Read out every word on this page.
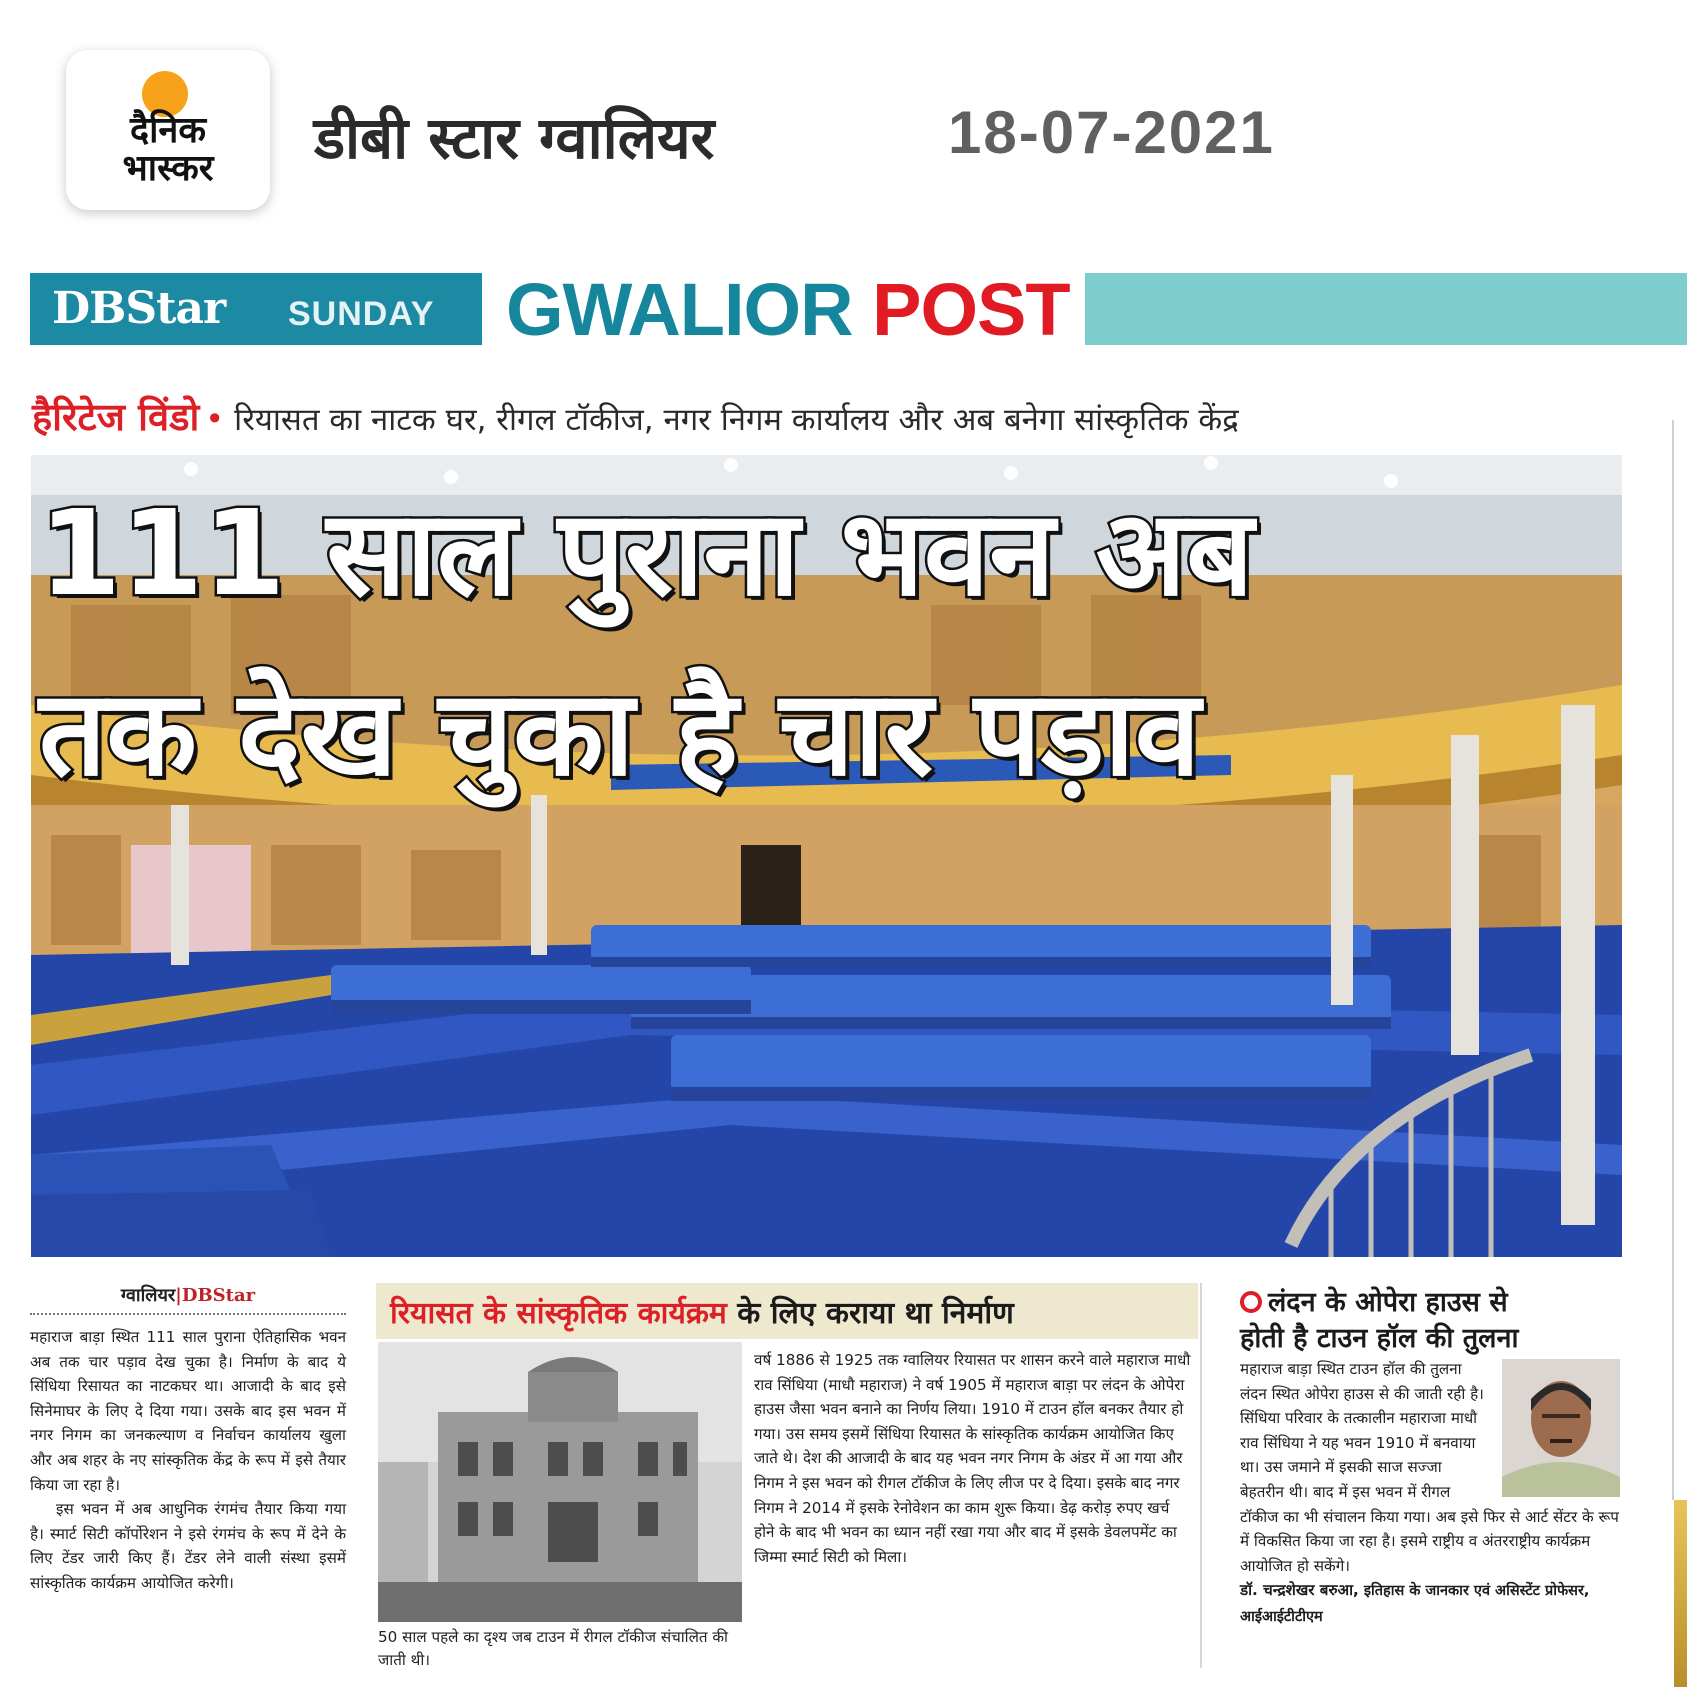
दैनिक
भास्कर	डीबी स्टार ग्वालियर	18-07-2021
DBStar SUNDAY GWALIOR POST
हैरिटेज विंडो • रियासत का नाटक घर, रीगल टॉकीज, नगर निगम कार्यालय और अब बनेगा सांस्कृतिक केंद्र
111 साल पुराना भवन अब
तक देख चुका है चार पड़ाव
ग्वालियर|DBStar

महाराज बाड़ा स्थित 111 साल पुराना ऐतिहासिक भवन अब तक चार पड़ाव देख चुका है। निर्माण के बाद ये सिंधिया रिसायत का नाटकघर था। आजादी के बाद इसे सिनेमाघर के लिए दे दिया गया। उसके बाद इस भवन में नगर निगम का जनकल्याण व निर्वाचन कार्यालय खुला और अब शहर के नए सांस्कृतिक केंद्र के रूप में इसे तैयार किया जा रहा है।

इस भवन में अब आधुनिक रंगमंच तैयार किया गया है। स्मार्ट सिटी कॉर्पोरेशन ने इसे रंगमंच के रूप में देने के लिए टेंडर जारी किए हैं। टेंडर लेने वाली संस्था इसमें सांस्कृतिक कार्यक्रम आयोजित करेगी।

रियासत के सांस्कृतिक कार्यक्रम के लिए कराया था निर्माण
50 साल पहले का दृश्य जब टाउन में रीगल टॉकीज संचालित की जाती थी।
वर्ष 1886 से 1925 तक ग्वालियर रियासत पर शासन करने वाले महाराज माधौ राव सिंधिया (माधौ महाराज) ने वर्ष 1905 में महाराज बाड़ा पर लंदन के ओपेरा हाउस जैसा भवन बनाने का निर्णय लिया। 1910 में टाउन हॉल बनकर तैयार हो गया। उस समय इसमें सिंधिया रियासत के सांस्कृतिक कार्यक्रम आयोजित किए जाते थे। देश की आजादी के बाद यह भवन नगर निगम के अंडर में आ गया और निगम ने इस भवन को रीगल टॉकीज के लिए लीज पर दे दिया। इसके बाद नगर निगम ने 2014 में इसके रेनोवेशन का काम शुरू किया। डेढ़ करोड़ रुपए खर्च होने के बाद भी भवन का ध्यान नहीं रखा गया और बाद में इसके डेवलपमेंट का जिम्मा स्मार्ट सिटी को मिला।
लंदन के ओपेरा हाउस से
होती है टाउन हॉल की तुलना
महाराज बाड़ा स्थित टाउन हॉल की तुलना लंदन स्थित ओपेरा हाउस से की जाती रही है। सिंधिया परिवार के तत्कालीन महाराजा माधौ राव सिंधिया ने यह भवन 1910 में बनवाया था। उस जमाने में इसकी साज सज्जा बेहतरीन थी। बाद में इस भवन में रीगल टॉकीज का भी संचालन किया गया। अब इसे फिर से आर्ट सेंटर के रूप में विकसित किया जा रहा है। इसमे राष्ट्रीय व अंतरराष्ट्रीय कार्यक्रम आयोजित हो सकेंगे।
डॉ. चन्द्रशेखर बरुआ, इतिहास के जानकार एवं असिस्टेंट प्रोफेसर, आईआईटीटीएम
